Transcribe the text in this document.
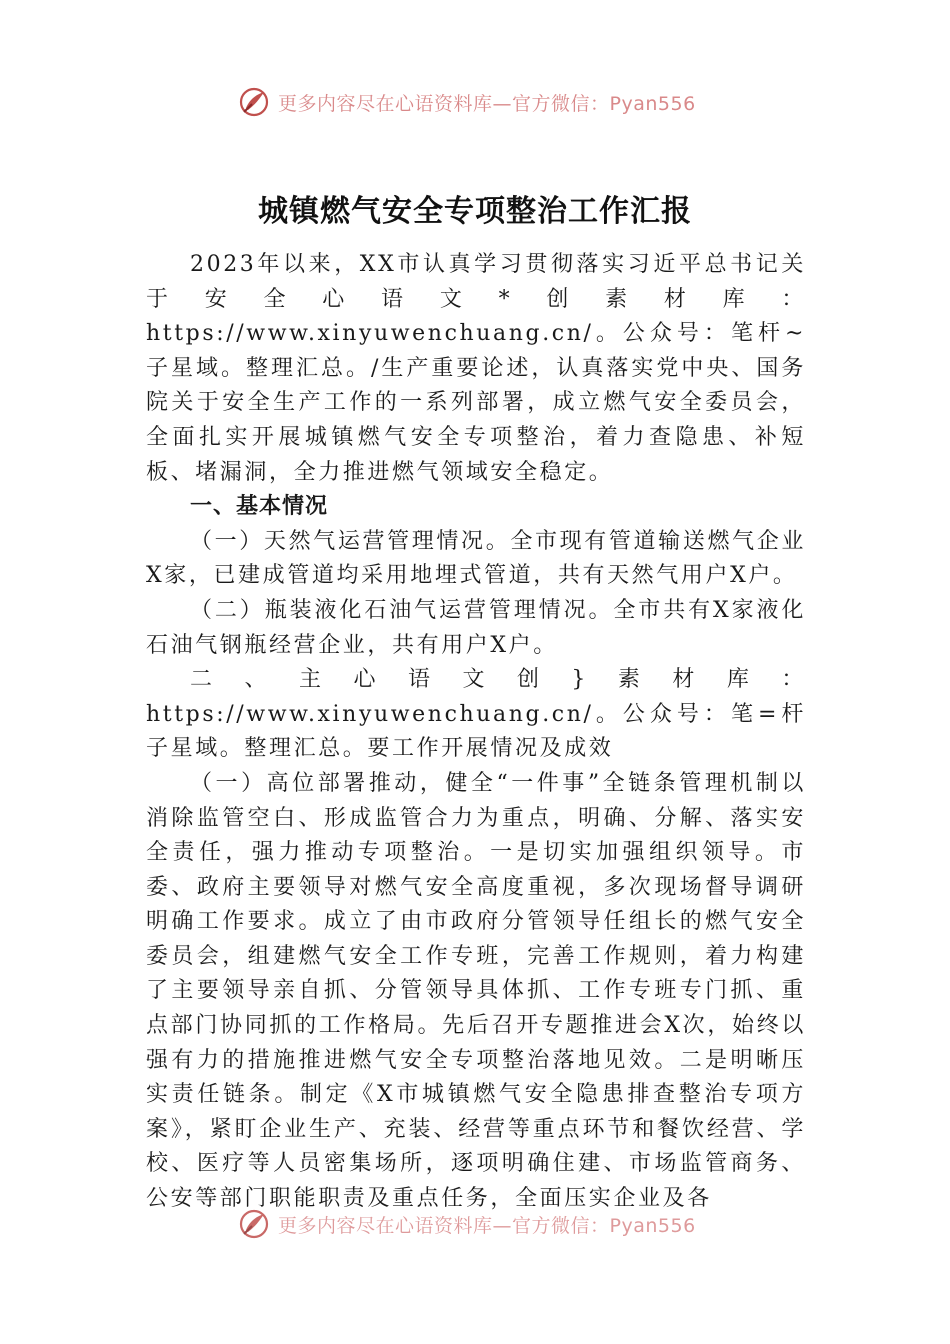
更多内容尽在心语资料库—官方微信：Pyan556
城镇燃气安全专项整治工作汇报

2023年以来，XX市认真学习贯彻落实习近平总书记关于安全心语文*创素材库：https://www.xinyuwenchuang.cn/。公众号：笔杆~子星域。整理汇总。/生产重要论述，认真落实党中央、国务院关于安全生产工作的一系列部署，成立燃气安全委员会，全面扎实开展城镇燃气安全专项整治，着力查隐患、补短板、堵漏洞，全力推进燃气领域安全稳定。

一、基本情况

（一）天然气运营管理情况。全市现有管道输送燃气企业X家，已建成管道均采用地埋式管道，共有天然气用户X户。

（二）瓶装液化石油气运营管理情况。全市共有X家液化石油气钢瓶经营企业，共有用户X户。

二、主心语文创}素材库：https://www.xinyuwenchuang.cn/。公众号：笔=杆子星域。整理汇总。要工作开展情况及成效

（一）高位部署推动，健全“一件事”全链条管理机制以消除监管空白、形成监管合力为重点，明确、分解、落实安全责任，强力推动专项整治。一是切实加强组织领导。市委、政府主要领导对燃气安全高度重视，多次现场督导调研明确工作要求。成立了由市政府分管领导任组长的燃气安全委员会，组建燃气安全工作专班，完善工作规则，着力构建了主要领导亲自抓、分管领导具体抓、工作专班专门抓、重点部门协同抓的工作格局。先后召开专题推进会X次，始终以强有力的措施推进燃气安全专项整治落地见效。二是明晰压实责任链条。制定《X市城镇燃气安全隐患排查整治专项方案》，紧盯企业生产、充装、经营等重点环节和餐饮经营、学校、医疗等人员密集场所，逐项明确住建、市场监管商务、公安等部门职能职责及重点任务，全面压实企业及各

更多内容尽在心语资料库—官方微信：Pyan556
